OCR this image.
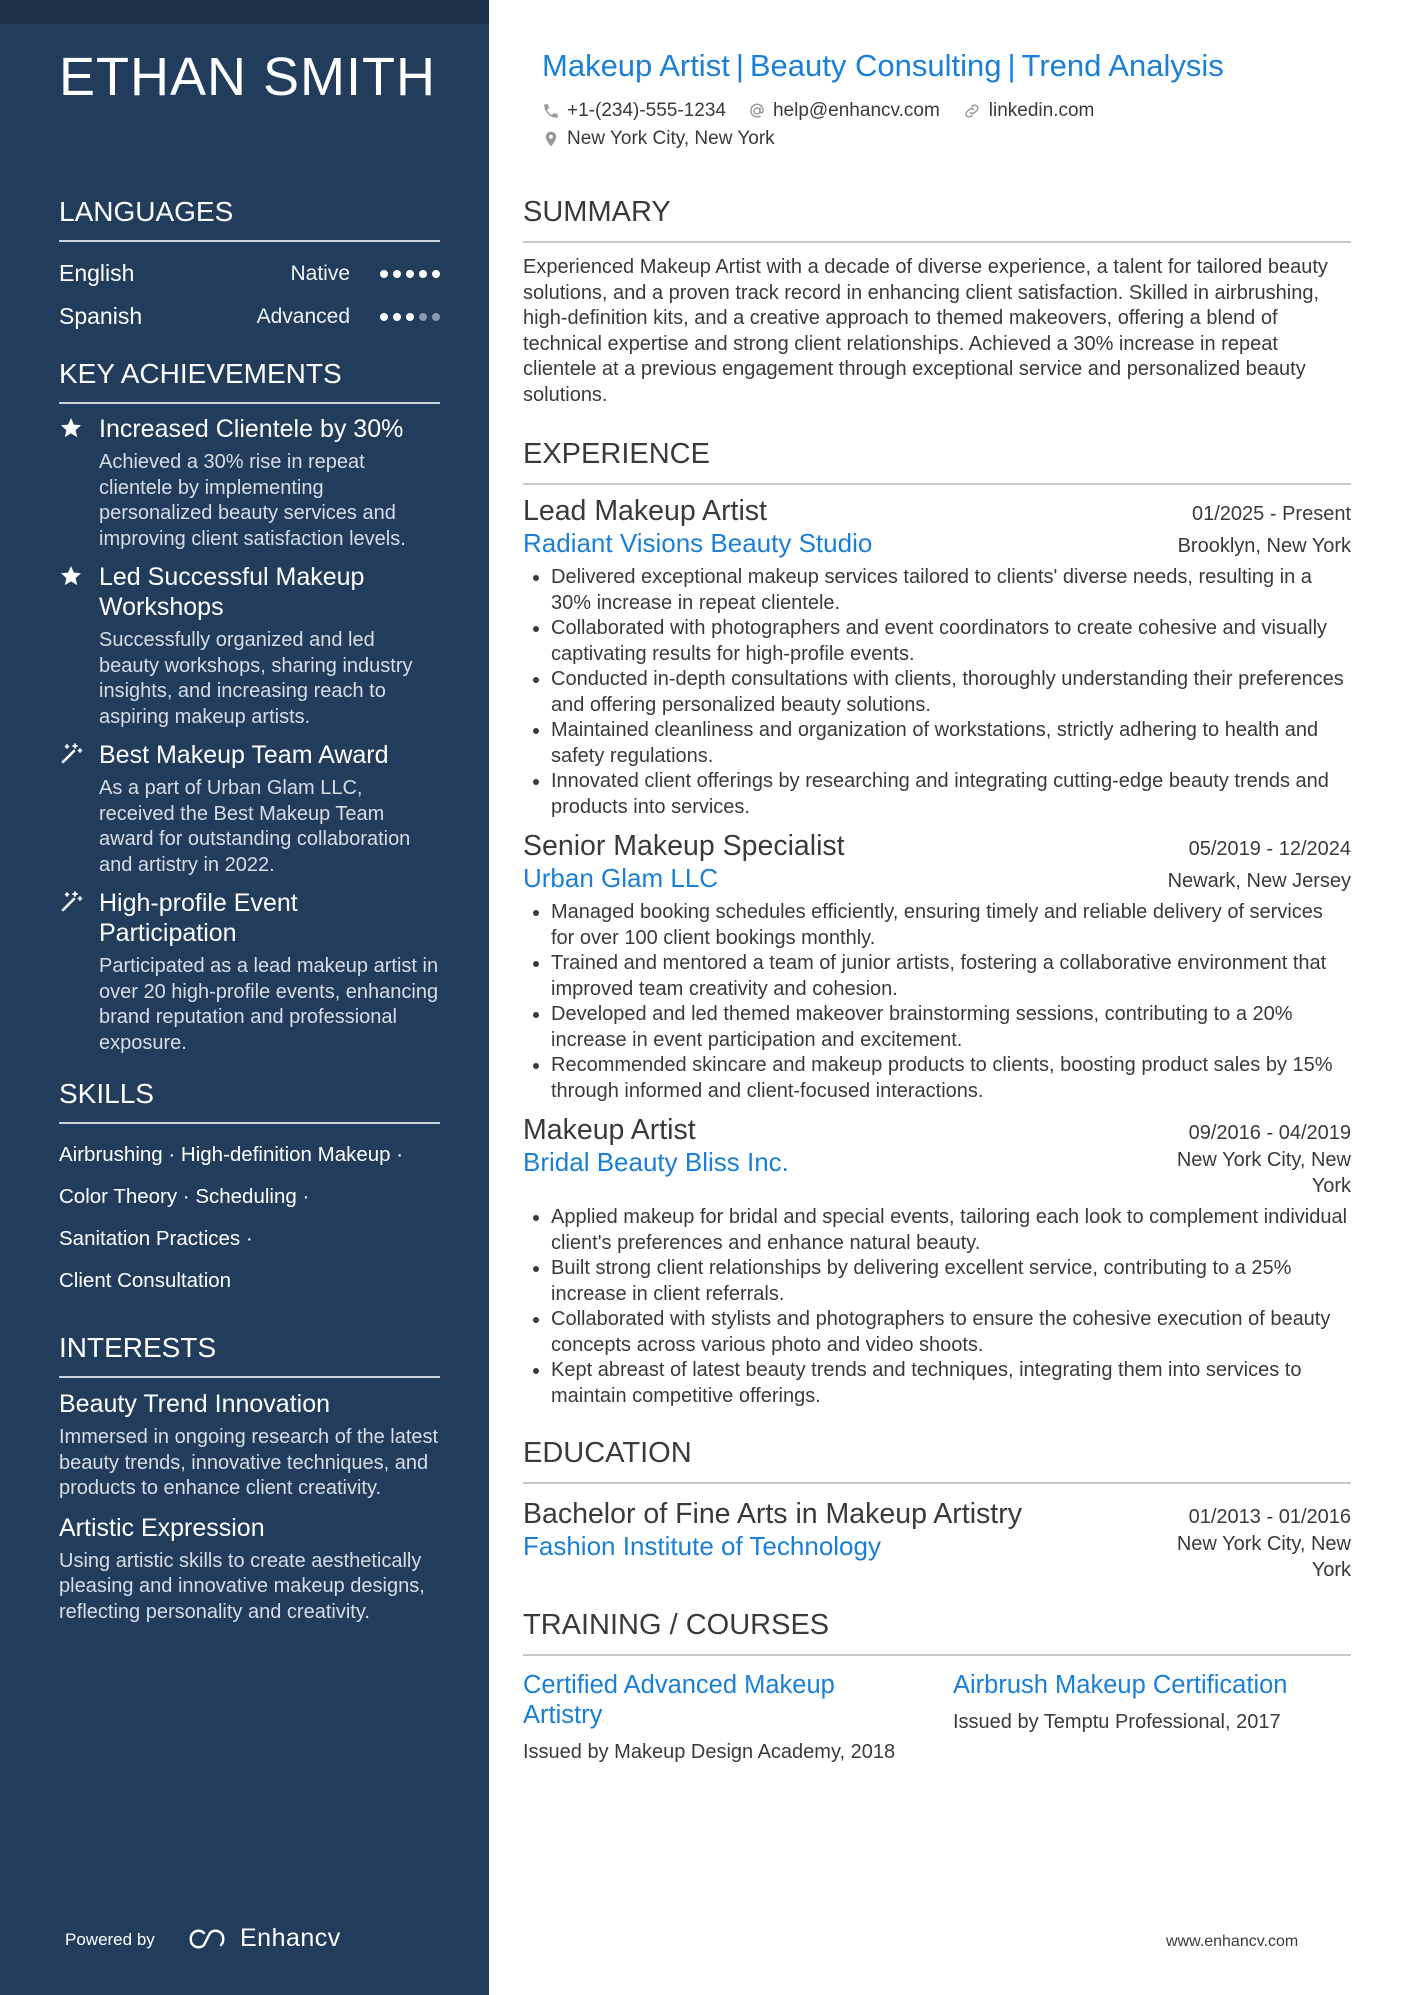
ETHAN SMITH
LANGUAGES
English	Native
Spanish	Advanced
KEY ACHIEVEMENTS
Increased Clientele by 30%
Achieved a 30% rise in repeat clientele by implementing personalized beauty services and improving client satisfaction levels.
Led Successful Makeup Workshops
Successfully organized and led beauty workshops, sharing industry insights, and increasing reach to aspiring makeup artists.
Best Makeup Team Award
As a part of Urban Glam LLC, received the Best Makeup Team award for outstanding collaboration and artistry in 2022.
High-profile Event Participation
Participated as a lead makeup artist in over 20 high-profile events, enhancing brand reputation and professional exposure.
SKILLS
Airbrushing · High-definition Makeup ·
Color Theory · Scheduling ·
Sanitation Practices ·
Client Consultation
INTERESTS
Beauty Trend Innovation
Immersed in ongoing research of the latest beauty trends, innovative techniques, and products to enhance client creativity.
Artistic Expression
Using artistic skills to create aesthetically pleasing and innovative makeup designs, reflecting personality and creativity.
Powered by	Enhancv
Makeup Artist | Beauty Consulting | Trend Analysis
+1-(234)-555-1234 help@enhancv.com	linkedin.com
New York City, New York
SUMMARY
Experienced Makeup Artist with a decade of diverse experience, a talent for tailored beauty solutions, and a proven track record in enhancing client satisfaction. Skilled in airbrushing, high-definition kits, and a creative approach to themed makeovers, offering a blend of technical expertise and strong client relationships. Achieved a 30% increase in repeat clientele at a previous engagement through exceptional service and personalized beauty solutions.
EXPERIENCE
Lead Makeup Artist	01/2025 - Present
Radiant Visions Beauty Studio	Brooklyn, New York
• Delivered exceptional makeup services tailored to clients' diverse needs, resulting in a 30% increase in repeat clientele.
• Collaborated with photographers and event coordinators to create cohesive and visually captivating results for high-profile events.
• Conducted in-depth consultations with clients, thoroughly understanding their preferences and offering personalized beauty solutions.
• Maintained cleanliness and organization of workstations, strictly adhering to health and safety regulations.
• Innovated client offerings by researching and integrating cutting-edge beauty trends and products into services.
Senior Makeup Specialist	05/2019 - 12/2024
Urban Glam LLC	Newark, New Jersey
• Managed booking schedules efficiently, ensuring timely and reliable delivery of services for over 100 client bookings monthly.
• Trained and mentored a team of junior artists, fostering a collaborative environment that improved team creativity and cohesion.
• Developed and led themed makeover brainstorming sessions, contributing to a 20% increase in event participation and excitement.
• Recommended skincare and makeup products to clients, boosting product sales by 15% through informed and client-focused interactions.
Makeup Artist	09/2016 - 04/2019
Bridal Beauty Bliss Inc.	New York City, New York
• Applied makeup for bridal and special events, tailoring each look to complement individual client's preferences and enhance natural beauty.
• Built strong client relationships by delivering excellent service, contributing to a 25% increase in client referrals.
• Collaborated with stylists and photographers to ensure the cohesive execution of beauty concepts across various photo and video shoots.
• Kept abreast of latest beauty trends and techniques, integrating them into services to maintain competitive offerings.
EDUCATION
Bachelor of Fine Arts in Makeup Artistry	01/2013 - 01/2016
Fashion Institute of Technology	New York City, New York
TRAINING / COURSES
Certified Advanced Makeup Artistry
Issued by Makeup Design Academy, 2018
Airbrush Makeup Certification
Issued by Temptu Professional, 2017
www.enhancv.com
